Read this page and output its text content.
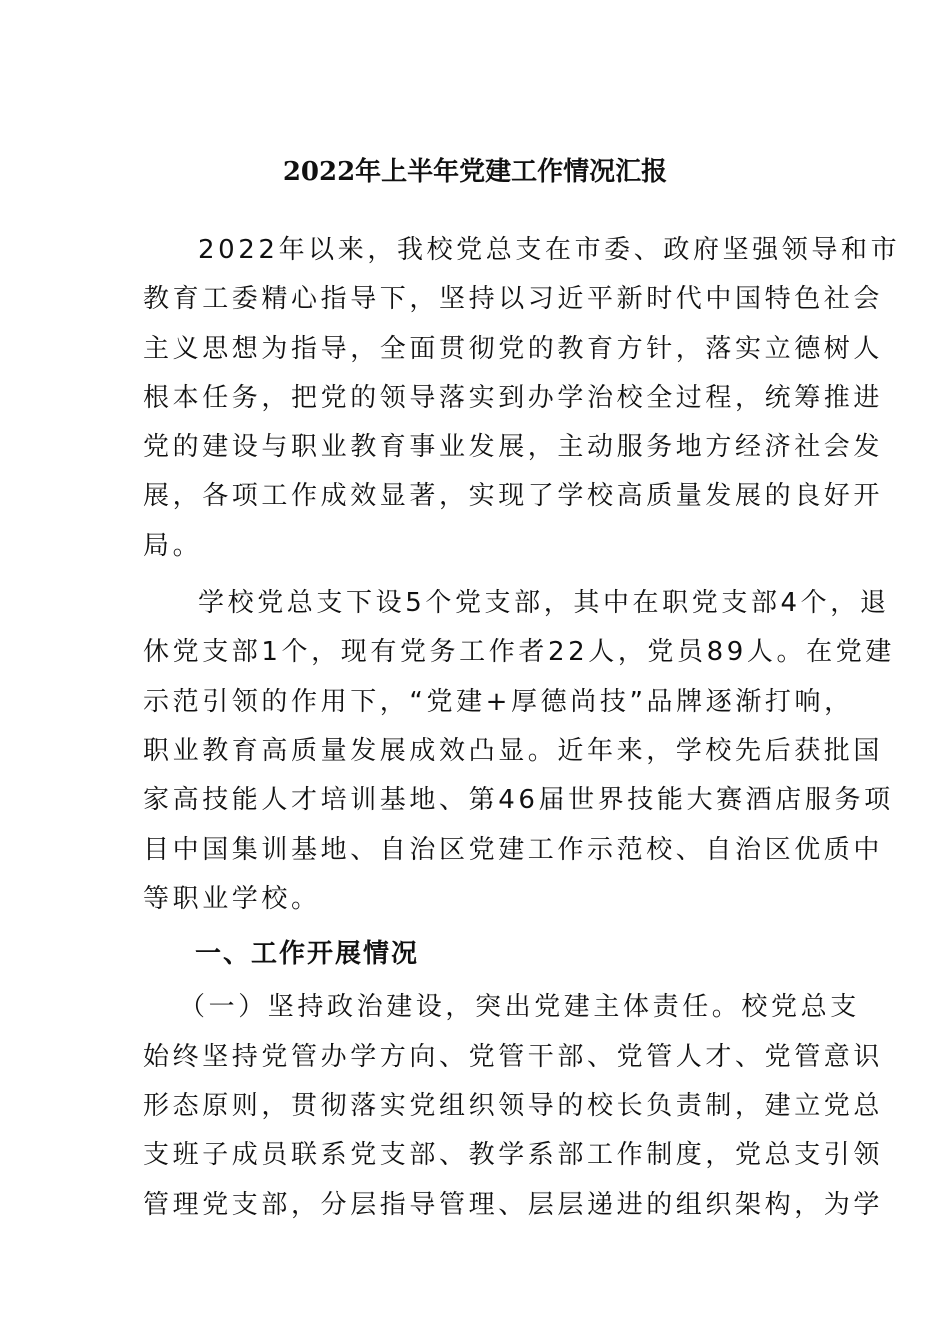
2022年上半年党建工作情况汇报

2022年以来，我校党总支在市委、政府坚强领导和市
教育工委精心指导下，坚持以习近平新时代中国特色社会
主义思想为指导，全面贯彻党的教育方针，落实立德树人
根本任务，把党的领导落实到办学治校全过程，统筹推进
党的建设与职业教育事业发展，主动服务地方经济社会发
展，各项工作成效显著，实现了学校高质量发展的良好开
局。

学校党总支下设5个党支部，其中在职党支部4个，退
休党支部1个，现有党务工作者22人，党员89人。在党建
示范引领的作用下，“党建+厚德尚技”品牌逐渐打响，
职业教育高质量发展成效凸显。近年来，学校先后获批国
家高技能人才培训基地、第46届世界技能大赛酒店服务项
目中国集训基地、自治区党建工作示范校、自治区优质中
等职业学校。

一、工作开展情况

（一）坚持政治建设，突出党建主体责任。校党总支
始终坚持党管办学方向、党管干部、党管人才、党管意识
形态原则，贯彻落实党组织领导的校长负责制，建立党总
支班子成员联系党支部、教学系部工作制度，党总支引领
管理党支部，分层指导管理、层层递进的组织架构，为学
